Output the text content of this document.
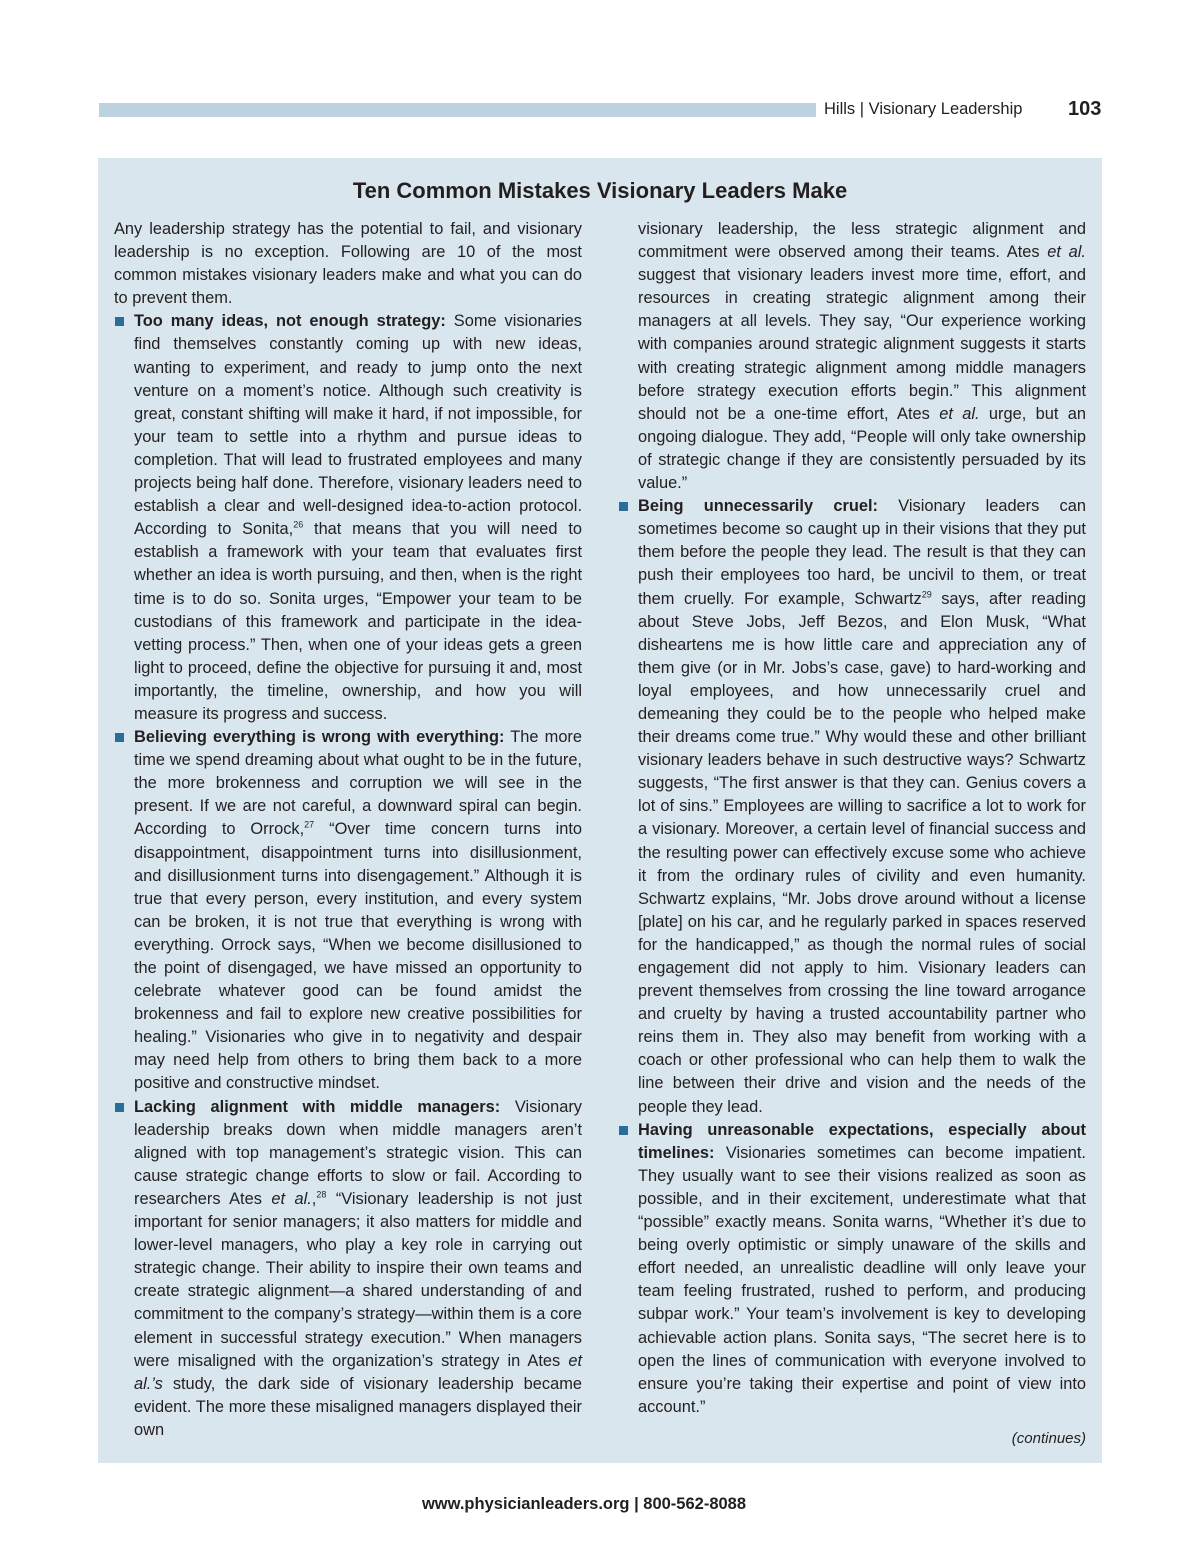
Hills | Visionary Leadership 103
Ten Common Mistakes Visionary Leaders Make

Any leadership strategy has the potential to fail, and visionary leadership is no exception. Following are 10 of the most common mistakes visionary leaders make and what you can do to prevent them.

Too many ideas, not enough strategy: Some visionaries find themselves constantly coming up with new ideas, wanting to experiment, and ready to jump onto the next venture on a moment’s notice. Although such creativity is great, constant shifting will make it hard, if not impossible, for your team to settle into a rhythm and pursue ideas to completion. That will lead to frustrated employees and many projects being half done. Therefore, visionary leaders need to establish a clear and well-designed idea-to-action protocol. According to Sonita,$^{26}$ that means that you will need to establish a framework with your team that evaluates first whether an idea is worth pursuing, and then, when is the right time is to do so. Sonita urges, “Empower your team to be custodians of this framework and participate in the idea-vetting process.” Then, when one of your ideas gets a green light to proceed, define the objective for pursuing it and, most importantly, the timeline, ownership, and how you will measure its progress and success.
Believing everything is wrong with everything: The more time we spend dreaming about what ought to be in the future, the more brokenness and corruption we will see in the present. If we are not careful, a downward spiral can begin. According to Orrock,$^{27}$ “Over time concern turns into disappointment, disappointment turns into disillusionment, and disillusionment turns into disengagement.” Although it is true that every person, every institution, and every system can be broken, it is not true that everything is wrong with everything. Orrock says, “When we become disillusioned to the point of disengaged, we have missed an opportunity to celebrate whatever good can be found amidst the brokenness and fail to explore new creative possibilities for healing.” Visionaries who give in to negativity and despair may need help from others to bring them back to a more positive and constructive mindset.
Lacking alignment with middle managers: Visionary leadership breaks down when middle managers aren’t aligned with top management’s strategic vision. This can cause strategic change efforts to slow or fail. According to researchers Ates et al.,$^{28}$ “Visionary leadership is not just important for senior managers; it also matters for middle and lower-level managers, who play a key role in carrying out strategic change. Their ability to inspire their own teams and create strategic alignment—a shared understanding of and commitment to the company’s strategy—within them is a core element in successful strategy execution.” When managers were misaligned with the organization’s strategy in Ates et al.’s study, the dark side of visionary leadership became evident. The more these misaligned managers displayed their own

visionary leadership, the less strategic alignment and commitment were observed among their teams. Ates et al. suggest that visionary leaders invest more time, effort, and resources in creating strategic alignment among their managers at all levels. They say, “Our experience working with companies around strategic alignment suggests it starts with creating strategic alignment among middle managers before strategy execution efforts begin.” This alignment should not be a one-time effort, Ates et al. urge, but an ongoing dialogue. They add, “People will only take ownership of strategic change if they are consistently persuaded by its value.”

Being unnecessarily cruel: Visionary leaders can sometimes become so caught up in their visions that they put them before the people they lead. The result is that they can push their employees too hard, be uncivil to them, or treat them cruelly. For example, Schwartz$^{29}$ says, after reading about Steve Jobs, Jeff Bezos, and Elon Musk, “What disheartens me is how little care and appreciation any of them give (or in Mr. Jobs’s case, gave) to hard-working and loyal employees, and how unnecessarily cruel and demeaning they could be to the people who helped make their dreams come true.” Why would these and other brilliant visionary leaders behave in such destructive ways? Schwartz suggests, “The first answer is that they can. Genius covers a lot of sins.” Employees are willing to sacrifice a lot to work for a visionary. Moreover, a certain level of financial success and the resulting power can effectively excuse some who achieve it from the ordinary rules of civility and even humanity. Schwartz explains, “Mr. Jobs drove around without a license [plate] on his car, and he regularly parked in spaces reserved for the handicapped,” as though the normal rules of social engagement did not apply to him. Visionary leaders can prevent themselves from crossing the line toward arrogance and cruelty by having a trusted accountability partner who reins them in. They also may benefit from working with a coach or other professional who can help them to walk the line between their drive and vision and the needs of the people they lead.
Having unreasonable expectations, especially about timelines: Visionaries sometimes can become impatient. They usually want to see their visions realized as soon as possible, and in their excitement, underestimate what that “possible” exactly means. Sonita warns, “Whether it’s due to being overly optimistic or simply unaware of the skills and effort needed, an unrealistic deadline will only leave your team feeling frustrated, rushed to perform, and producing subpar work.” Your team’s involvement is key to developing achievable action plans. Sonita says, “The secret here is to open the lines of communication with everyone involved to ensure you’re taking their expertise and point of view into account.”
(continues)
www.physicianleaders.org | 800-562-8088
